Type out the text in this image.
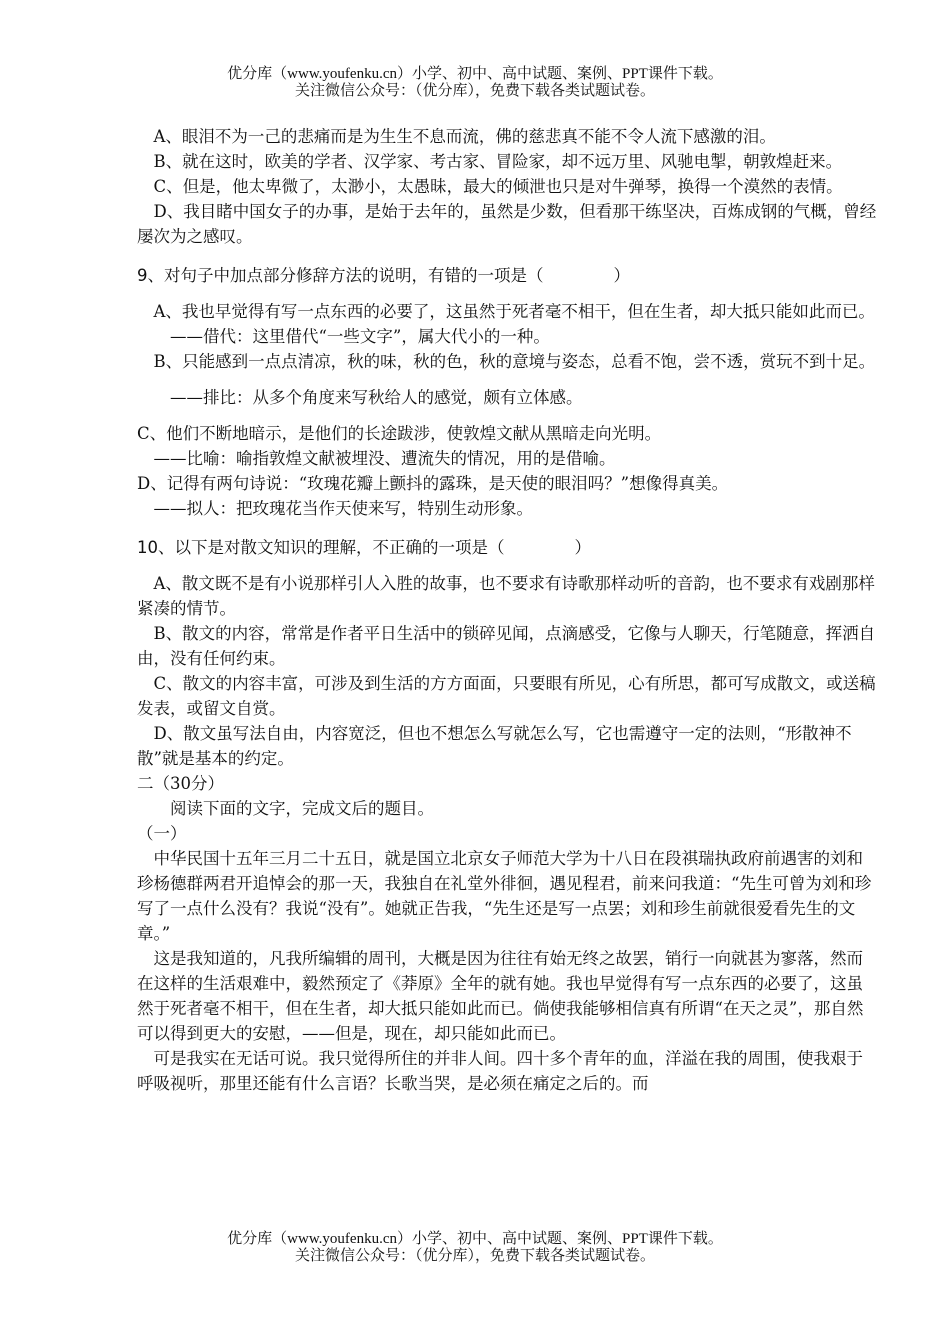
优分库（www.youfenku.cn）小学、初中、高中试题、案例、PPT课件下载。
关注微信公众号：（优分库），免费下载各类试题试卷。

A、眼泪不为一己的悲痛而是为生生不息而流，佛的慈悲真不能不令人流下感激的泪。

B、就在这时，欧美的学者、汉学家、考古家、冒险家，却不远万里、风驰电掣，朝敦煌赶来。

C、但是，他太卑微了，太渺小，太愚昧，最大的倾泄也只是对牛弹琴，换得一个漠然的表情。

D、我目睹中国女子的办事，是始于去年的，虽然是少数，但看那干练坚决，百炼成钢的气概，曾经屡次为之感叹。

9、对句子中加点部分修辞方法的说明，有错的一项是（	）

A、我也早觉得有写一点东西的必要了，这虽然于死者毫不相干，但在生者，却大抵只能如此而已。

——借代：这里借代“一些文字”，属大代小的一种。

B、只能感到一点点清凉，秋的味，秋的色，秋的意境与姿态，总看不饱，尝不透，赏玩不到十足。

——排比：从多个角度来写秋给人的感觉，颇有立体感。

C、他们不断地暗示，是他们的长途跋涉，使敦煌文献从黑暗走向光明。

——比喻：喻指敦煌文献被埋没、遭流失的情况，用的是借喻。

D、记得有两句诗说：“玫瑰花瓣上颤抖的露珠，是天使的眼泪吗？”想像得真美。

——拟人：把玫瑰花当作天使来写，特别生动形象。

10、以下是对散文知识的理解，不正确的一项是（	）

A、散文既不是有小说那样引人入胜的故事，也不要求有诗歌那样动听的音韵，也不要求有戏剧那样紧凑的情节。

B、散文的内容，常常是作者平日生活中的锁碎见闻，点滴感受，它像与人聊天，行笔随意，挥洒自由，没有任何约束。

C、散文的内容丰富，可涉及到生活的方方面面，只要眼有所见，心有所思，都可写成散文，或送稿发表，或留文自赏。

D、散文虽写法自由，内容宽泛，但也不想怎么写就怎么写，它也需遵守一定的法则，“形散神不散”就是基本的约定。

二（30分）

阅读下面的文字，完成文后的题目。

（一）

中华民国十五年三月二十五日，就是国立北京女子师范大学为十八日在段祺瑞执政府前遇害的刘和珍杨德群两君开追悼会的那一天，我独自在礼堂外徘徊，遇见程君，前来问我道：“先生可曾为刘和珍写了一点什么没有？我说“没有”。她就正告我，“先生还是写一点罢；刘和珍生前就很爱看先生的文章。”

这是我知道的，凡我所编辑的周刊，大概是因为往往有始无终之故罢，销行一向就甚为寥落，然而在这样的生活艰难中，毅然预定了《莽原》全年的就有她。我也早觉得有写一点东西的必要了，这虽然于死者毫不相干，但在生者，却大抵只能如此而已。倘使我能够相信真有所谓“在天之灵”，那自然可以得到更大的安慰，——但是，现在，却只能如此而已。

可是我实在无话可说。我只觉得所住的并非人间。四十多个青年的血，洋溢在我的周围，使我艰于呼吸视听，那里还能有什么言语？长歌当哭，是必须在痛定之后的。而

优分库（www.youfenku.cn）小学、初中、高中试题、案例、PPT课件下载。
关注微信公众号：（优分库），免费下载各类试题试卷。
